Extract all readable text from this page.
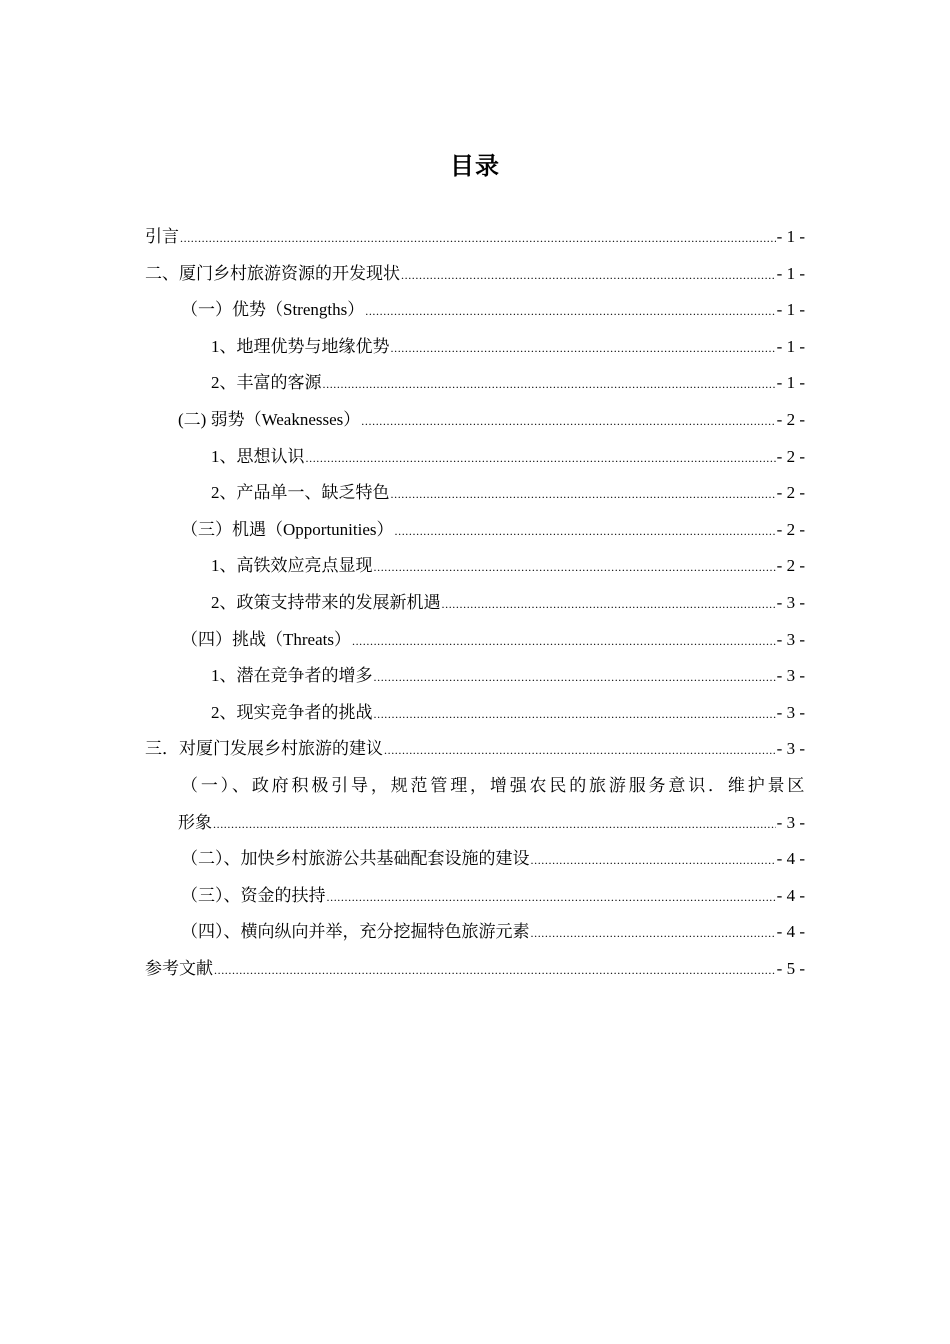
目录
引言 .....	- 1 -
二、厦门乡村旅游资源的开发现状 .....	- 1 -
（一）优势（Strengths） .....	- 1 -
1、地理优势与地缘优势 .....	- 1 -
2、丰富的客源 .....	- 1 -
(二) 弱势（Weaknesses） .....	- 2 -
1、思想认识 .....	- 2 -
2、产品单一、缺乏特色 .....	- 2 -
（三）机遇（Opportunities） .....	- 2 -
1、高铁效应亮点显现 .....	- 2 -
2、政策支持带来的发展新机遇 .....	- 3 -
（四）挑战（Threats） .....	- 3 -
1、潜在竞争者的增多 .....	- 3 -
2、现实竞争者的挑战 .....	- 3 -
三．对厦门发展乡村旅游的建议 .....	- 3 -
（一）、政府积极引导，规范管理，增强农民的旅游服务意识．维护景区
形象 .....	- 3 -
（二）、加快乡村旅游公共基础配套设施的建设 .....	- 4 -
（三）、资金的扶持 .....	- 4 -
（四）、横向纵向并举，充分挖掘特色旅游元素 .....	- 4 -
参考文献 .....	- 5 -
